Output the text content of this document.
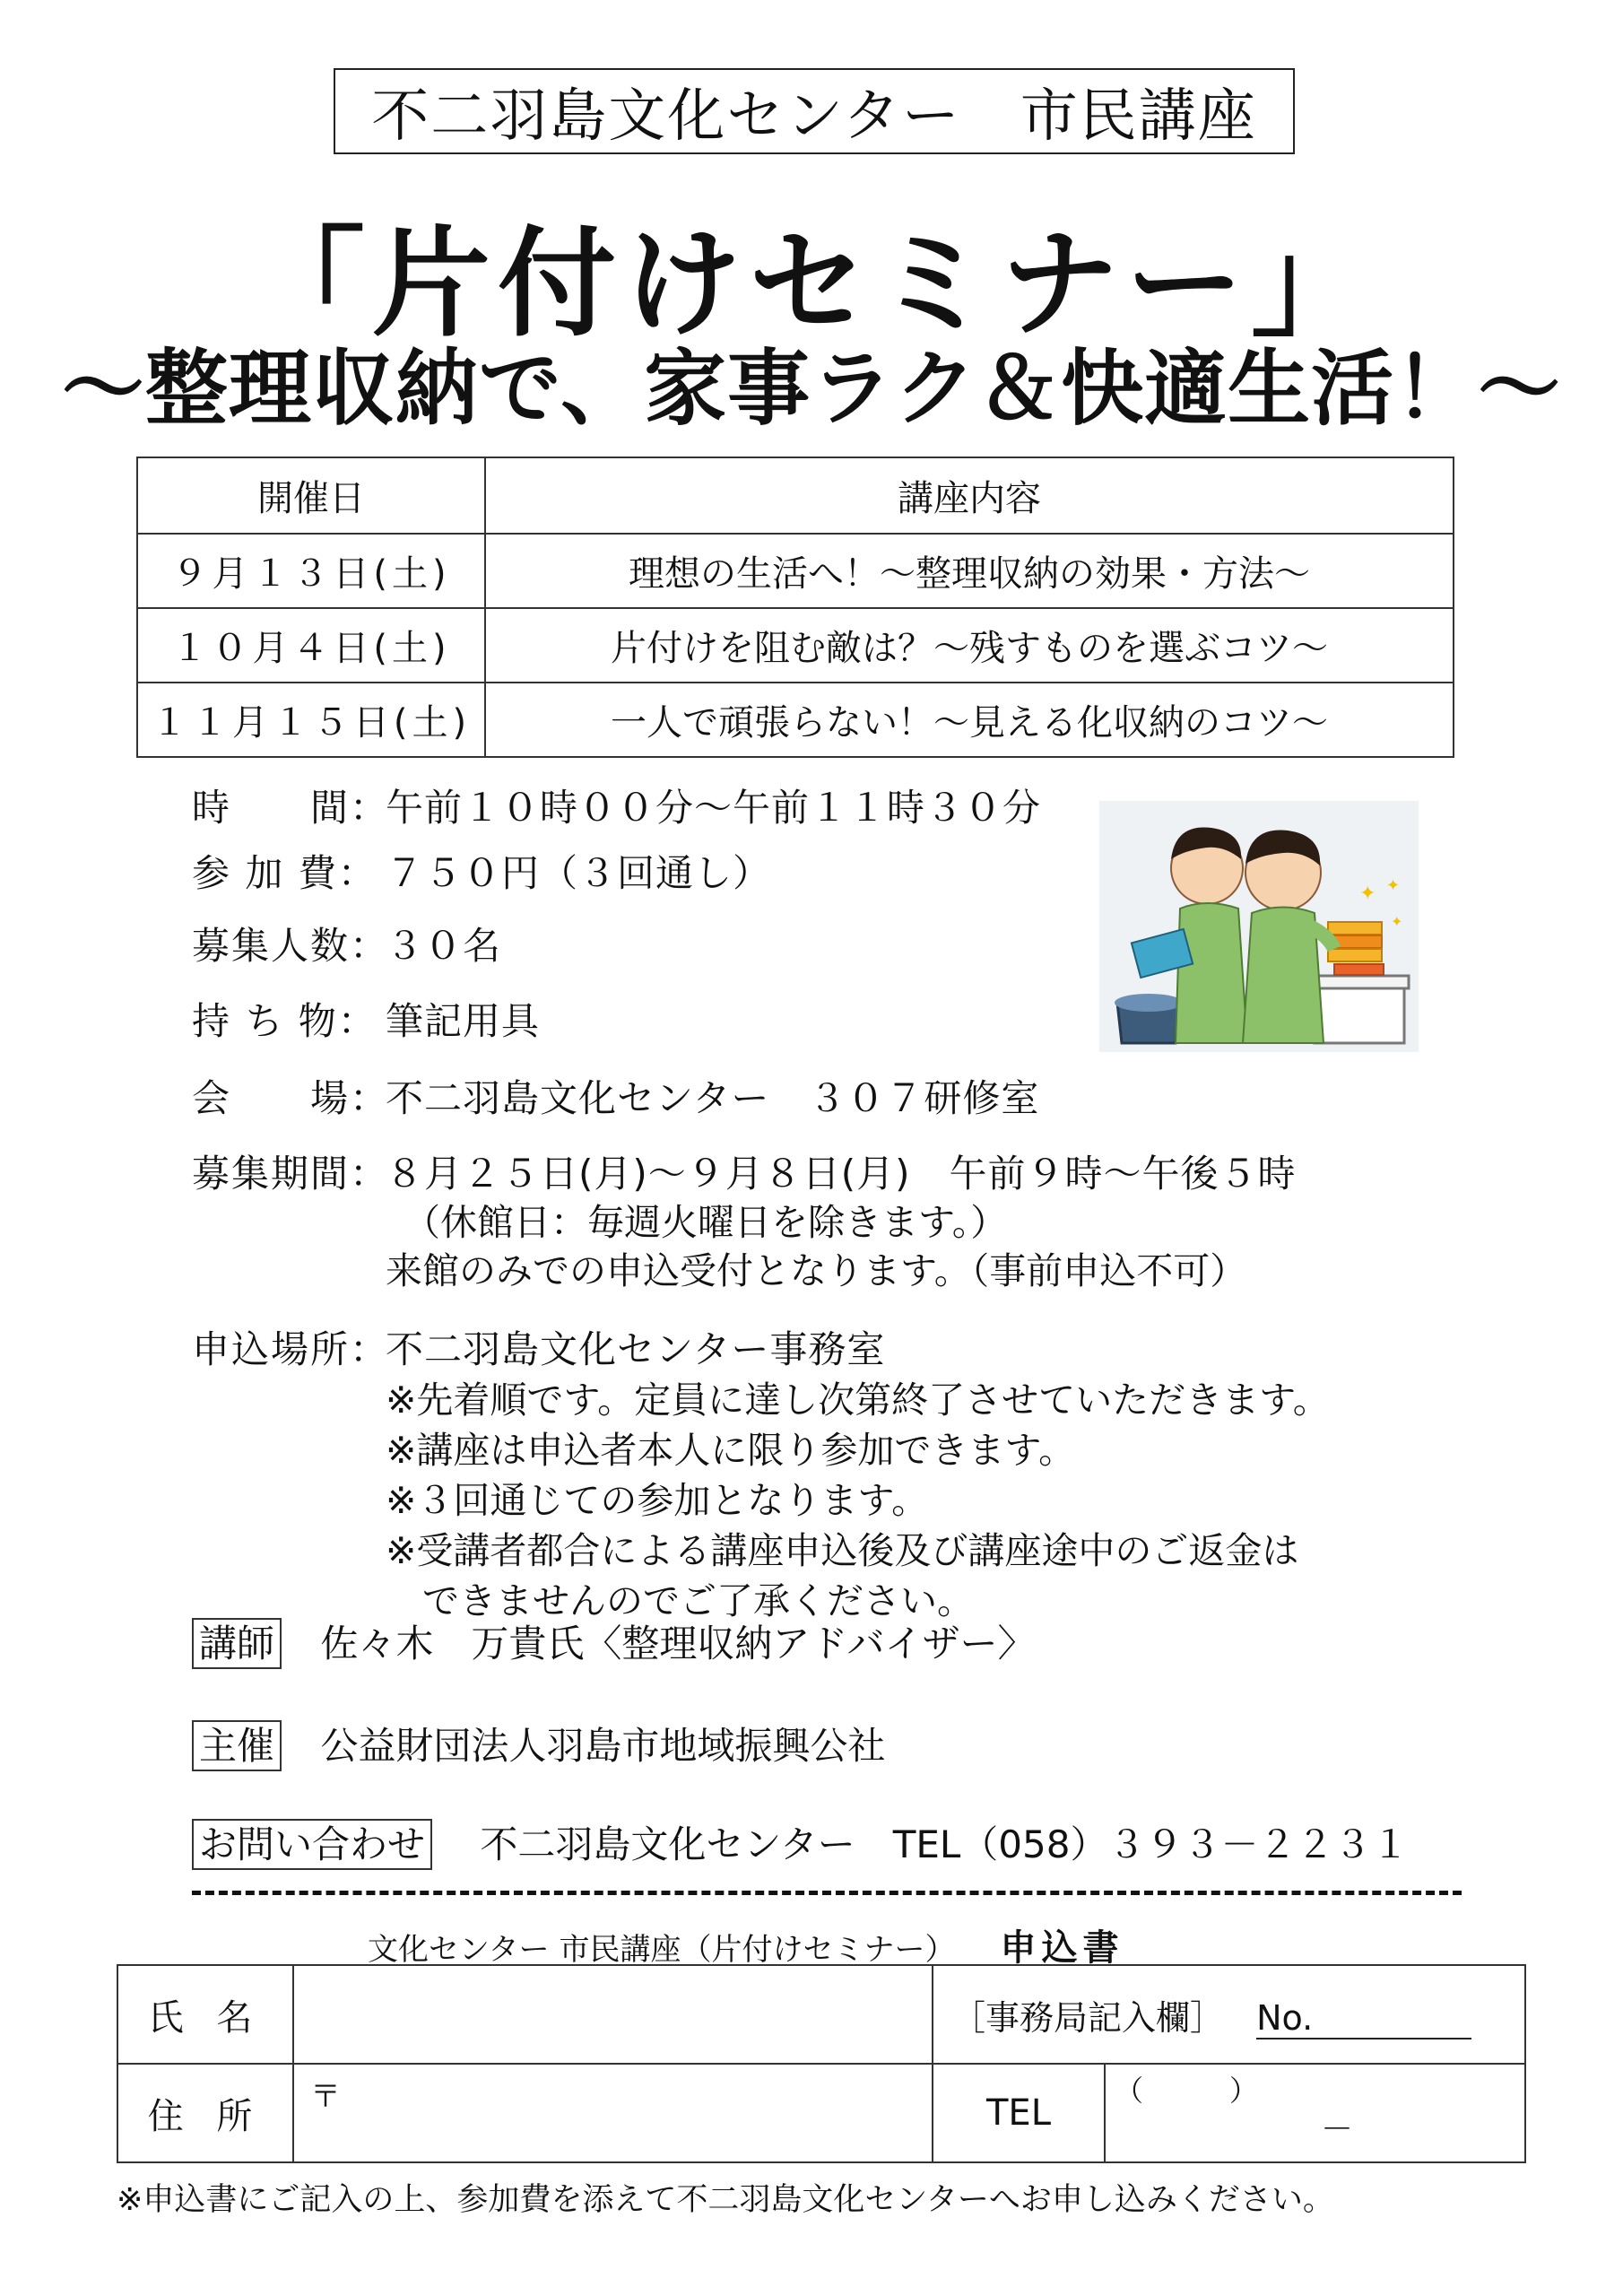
不二羽島文化センター　市民講座
「片付けセミナー」
～整理収納で、家事ラク＆快適生活！～
開催日	講座内容
９月１３日(土)	理想の生活へ！～整理収納の効果・方法～
１０月４日(土)	片付けを阻む敵は？～残すものを選ぶコツ～
１１月１５日(土)	一人で頑張らない！～見える化収納のコツ～
時　　間：
午前１０時００分～午前１１時３０分
参 加 費： ７５０円（３回通し）
募集人数：
３０名
持 ち 物： 筆記用具
会　　場：
不二羽島文化センター　３０７研修室
募集期間：
８月２５日(月)～９月８日(月)　午前９時～午後５時
（休館日：毎週火曜日を除きます。）
来館のみでの申込受付となります。（事前申込不可）
申込場所：
不二羽島文化センター事務室
※先着順です。定員に達し次第終了させていただきます。
※講座は申込者本人に限り参加できます。
※３回通じての参加となります。
※受講者都合による講座申込後及び講座途中のご返金は
　できませんのでご了承ください。
講師 佐々木　万貴氏〈整理収納アドバイザー〉
主催 公益財団法人羽島市地域振興公社
お問い合わせ 不二羽島文化センター　TEL（058）３９３－２２３１
✦ ✦
✦
文化センター 市民講座（片付けセミナー） 申込書
氏 名		［事務局記入欄］ No.	
住 所	〒	TEL	（　　　）
－
※申込書にご記入の上、参加費を添えて不二羽島文化センターへお申し込みください。
